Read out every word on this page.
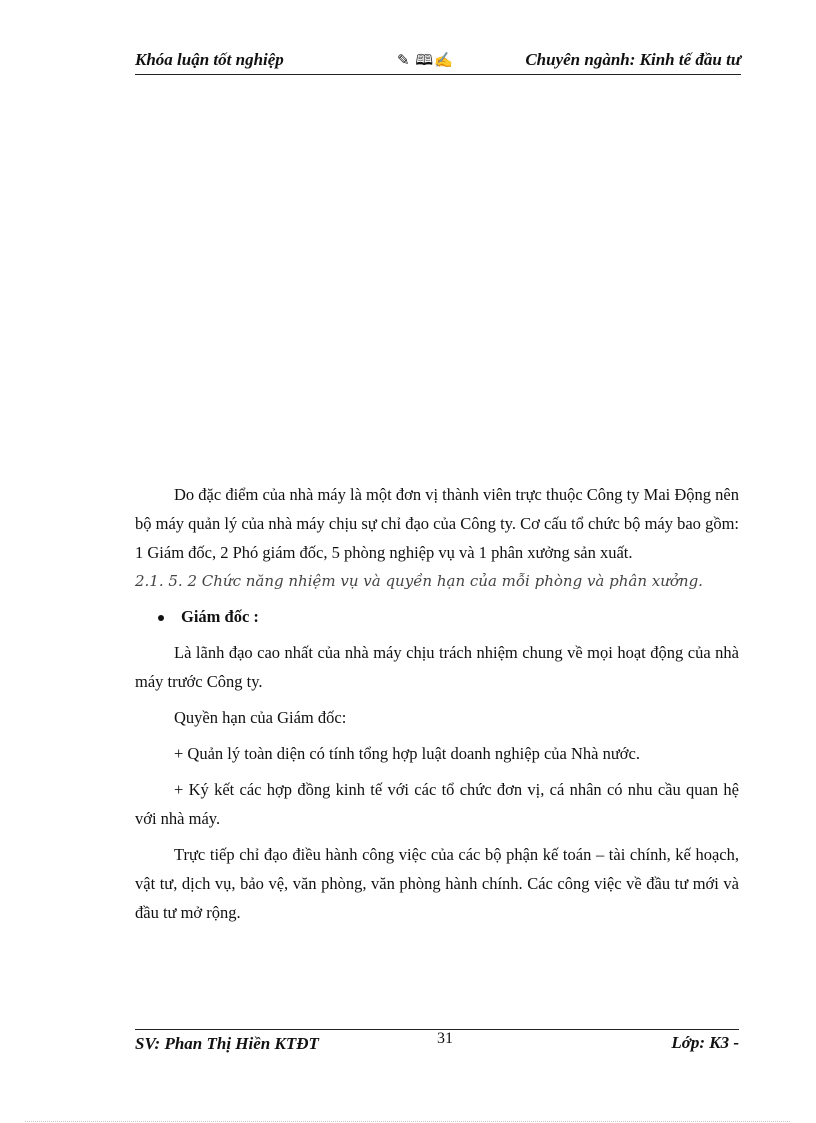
Khóa luận tốt nghiệp	✎ 🕮✍	Chuyên ngành: Kinh tế đầu tư

Do đặc điểm của nhà máy là một đơn vị thành viên trực thuộc Công ty Mai Động nên bộ máy quản lý của nhà máy chịu sự chỉ đạo của Công ty. Cơ cấu tổ chức bộ máy bao gồm: 1 Giám đốc, 2 Phó giám đốc, 5 phòng nghiệp vụ và 1 phân xưởng sản xuất.

2.1. 5. 2 Chức năng nhiệm vụ và quyền hạn của mỗi phòng và phân xưởng.

Giám đốc :

Là lãnh đạo cao nhất của nhà máy chịu trách nhiệm chung về mọi hoạt động của nhà máy trước Công ty.

Quyền hạn của Giám đốc:

+ Quản lý toàn diện có tính tổng hợp luật doanh nghiệp của Nhà nước.

+ Ký kết các hợp đồng kinh tế với các tổ chức đơn vị, cá nhân có nhu cầu quan hệ với nhà máy.

Trực tiếp chỉ đạo điều hành công việc của các bộ phận kế toán – tài chính, kế hoạch, vật tư, dịch vụ, bảo vệ, văn phòng, văn phòng hành chính. Các công việc về đầu tư mới và đầu tư mở rộng.

SV: Phan Thị Hiền KTĐT	31	Lớp: K3 -
